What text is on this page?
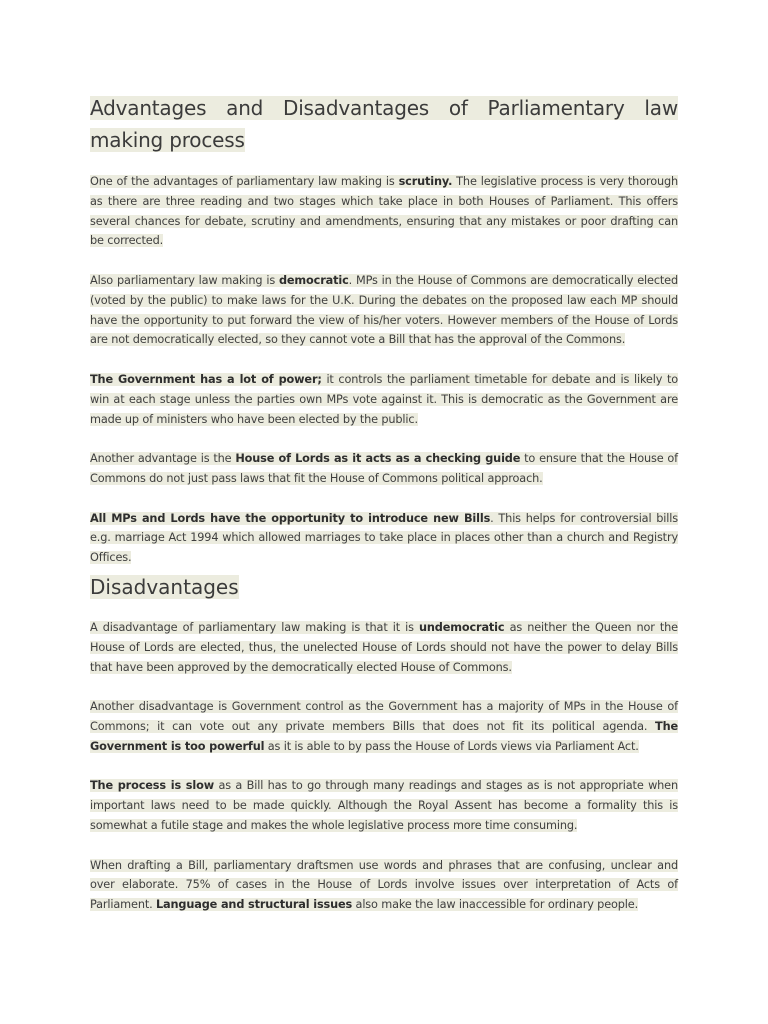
Advantages and Disadvantages of Parliamentary law making process

One of the advantages of parliamentary law making is scrutiny. The legislative process is very thorough as there are three reading and two stages which take place in both Houses of Parliament. This offers several chances for debate, scrutiny and amendments, ensuring that any mistakes or poor drafting can be corrected.

Also parliamentary law making is democratic. MPs in the House of Commons are democratically elected (voted by the public) to make laws for the U.K. During the debates on the proposed law each MP should have the opportunity to put forward the view of his/her voters. However members of the House of Lords are not democratically elected, so they cannot vote a Bill that has the approval of the Commons.

The Government has a lot of power; it controls the parliament timetable for debate and is likely to win at each stage unless the parties own MPs vote against it. This is democratic as the Government are made up of ministers who have been elected by the public.

Another advantage is the House of Lords as it acts as a checking guide to ensure that the House of Commons do not just pass laws that fit the House of Commons political approach.

All MPs and Lords have the opportunity to introduce new Bills. This helps for controversial bills e.g. marriage Act 1994 which allowed marriages to take place in places other than a church and Registry Offices.

Disadvantages

A disadvantage of parliamentary law making is that it is undemocratic as neither the Queen nor the House of Lords are elected, thus, the unelected House of Lords should not have the power to delay Bills that have been approved by the democratically elected House of Commons.

Another disadvantage is Government control as the Government has a majority of MPs in the House of Commons; it can vote out any private members Bills that does not fit its political agenda. The Government is too powerful as it is able to by pass the House of Lords views via Parliament Act.

The process is slow as a Bill has to go through many readings and stages as is not appropriate when important laws need to be made quickly. Although the Royal Assent has become a formality this is somewhat a futile stage and makes the whole legislative process more time consuming.

When drafting a Bill, parliamentary draftsmen use words and phrases that are confusing, unclear and over elaborate. 75% of cases in the House of Lords involve issues over interpretation of Acts of Parliament. Language and structural issues also make the law inaccessible for ordinary people.
